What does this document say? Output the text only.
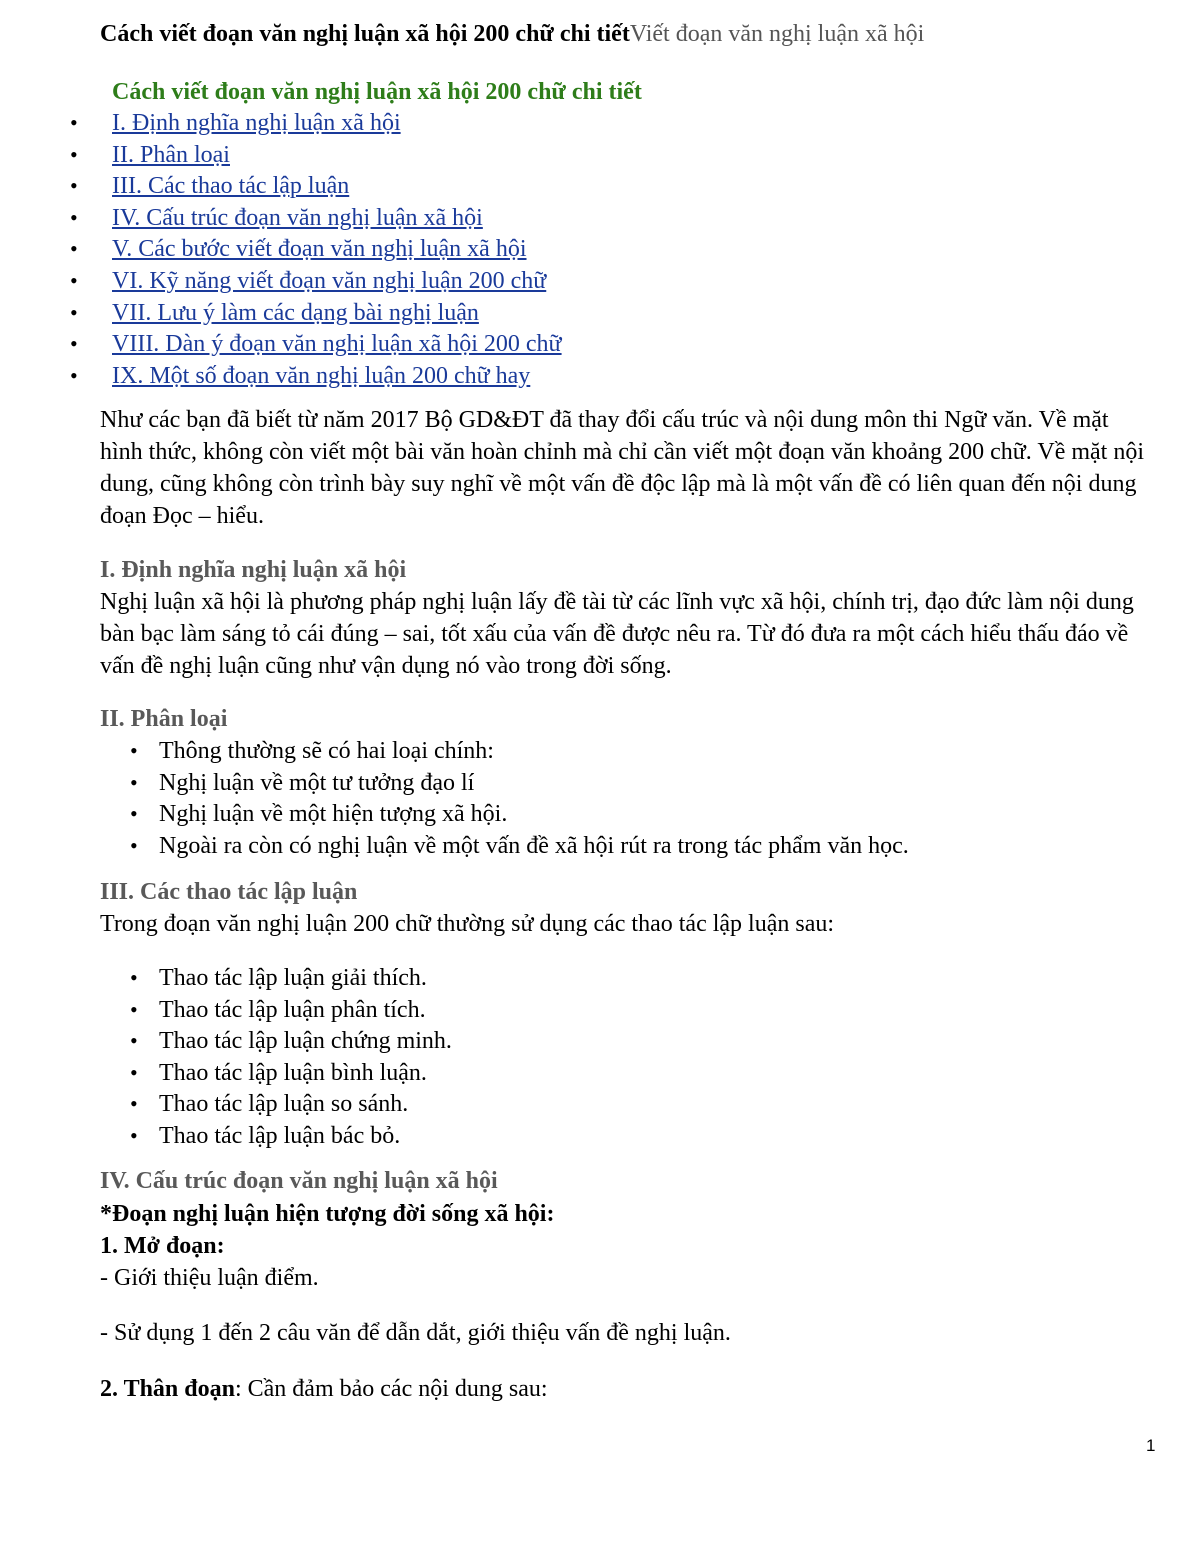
Cách viết đoạn văn nghị luận xã hội 200 chữ chi tiếtViết đoạn văn nghị luận xã hội
Cách viết đoạn văn nghị luận xã hội 200 chữ chi tiết
•	I. Định nghĩa nghị luận xã hội
•	II. Phân loại
•	III. Các thao tác lập luận
•	IV. Cấu trúc đoạn văn nghị luận xã hội
•	V. Các bước viết đoạn văn nghị luận xã hội
•	VI. Kỹ năng viết đoạn văn nghị luận 200 chữ
•	VII. Lưu ý làm các dạng bài nghị luận
•	VIII. Dàn ý đoạn văn nghị luận xã hội 200 chữ
•	IX. Một số đoạn văn nghị luận 200 chữ hay
Như các bạn đã biết từ năm 2017 Bộ GD&ĐT đã thay đổi cấu trúc và nội dung môn thi Ngữ văn. Về mặt hình thức, không còn viết một bài văn hoàn chỉnh mà chỉ cần viết một đoạn văn khoảng 200 chữ. Về mặt nội dung, cũng không còn trình bày suy nghĩ về một vấn đề độc lập mà là một vấn đề có liên quan đến nội dung đoạn Đọc – hiểu.
I. Định nghĩa nghị luận xã hội
Nghị luận xã hội là phương pháp nghị luận lấy đề tài từ các lĩnh vực xã hội, chính trị, đạo đức làm nội dung bàn bạc làm sáng tỏ cái đúng – sai, tốt xấu của vấn đề được nêu ra. Từ đó đưa ra một cách hiểu thấu đáo về vấn đề nghị luận cũng như vận dụng nó vào trong đời sống.
II. Phân loại
• Thông thường sẽ có hai loại chính:
• Nghị luận về một tư tưởng đạo lí
• Nghị luận về một hiện tượng xã hội.
• Ngoài ra còn có nghị luận về một vấn đề xã hội rút ra trong tác phẩm văn học.
III. Các thao tác lập luận
Trong đoạn văn nghị luận 200 chữ thường sử dụng các thao tác lập luận sau:
• Thao tác lập luận giải thích.
• Thao tác lập luận phân tích.
• Thao tác lập luận chứng minh.
• Thao tác lập luận bình luận.
• Thao tác lập luận so sánh.
• Thao tác lập luận bác bỏ.
IV. Cấu trúc đoạn văn nghị luận xã hội
*Đoạn nghị luận hiện tượng đời sống xã hội:
1. Mở đoạn:
- Giới thiệu luận điểm.
- Sử dụng 1 đến 2 câu văn để dẫn dắt, giới thiệu vấn đề nghị luận.
2. Thân đoạn: Cần đảm bảo các nội dung sau:
1
